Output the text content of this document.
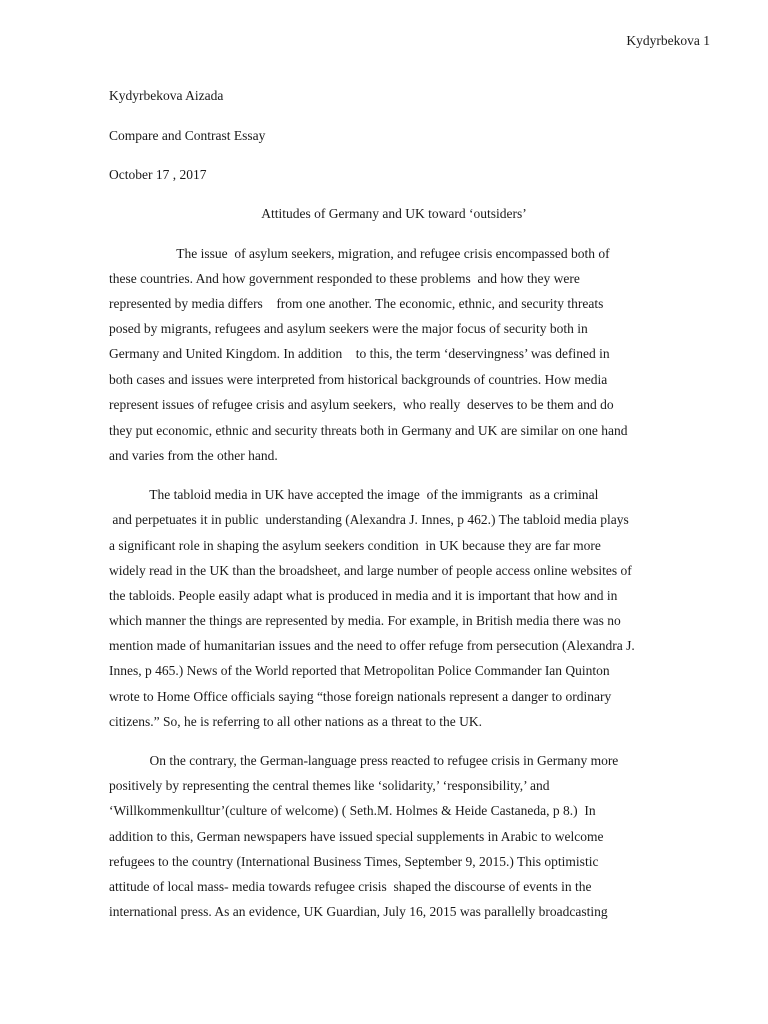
Kydyrbekova 1
Kydyrbekova Aizada
Compare and Contrast Essay
October 17 , 2017
Attitudes of Germany and UK toward ‘outsiders’
The issue  of asylum seekers, migration, and refugee crisis encompassed both of
these countries. And how government responded to these problems  and how they were
represented by media differs    from one another. The economic, ethnic, and security threats
posed by migrants, refugees and asylum seekers were the major focus of security both in
Germany and United Kingdom. In addition    to this, the term ‘deservingness’ was defined in
both cases and issues were interpreted from historical backgrounds of countries. How media
represent issues of refugee crisis and asylum seekers,  who really  deserves to be them and do
they put economic, ethnic and security threats both in Germany and UK are similar on one hand
and varies from the other hand.
The tabloid media in UK have accepted the image  of the immigrants  as a criminal
and perpetuates it in public  understanding (Alexandra J. Innes, p 462.) The tabloid media plays
a significant role in shaping the asylum seekers condition  in UK because they are far more
widely read in the UK than the broadsheet, and large number of people access online websites of
the tabloids. People easily adapt what is produced in media and it is important that how and in
which manner the things are represented by media. For example, in British media there was no
mention made of humanitarian issues and the need to offer refuge from persecution (Alexandra J.
Innes, p 465.) News of the World reported that Metropolitan Police Commander Ian Quinton
wrote to Home Office officials saying “those foreign nationals represent a danger to ordinary
citizens.” So, he is referring to all other nations as a threat to the UK.
On the contrary, the German-language press reacted to refugee crisis in Germany more
positively by representing the central themes like ‘solidarity,’ ‘responsibility,’ and
‘Willkommenkulltur’(culture of welcome) ( Seth.M. Holmes & Heide Castaneda, p 8.)  In
addition to this, German newspapers have issued special supplements in Arabic to welcome
refugees to the country (International Business Times, September 9, 2015.) This optimistic
attitude of local mass- media towards refugee crisis  shaped the discourse of events in the
international press. As an evidence, UK Guardian, July 16, 2015 was parallelly broadcasting
